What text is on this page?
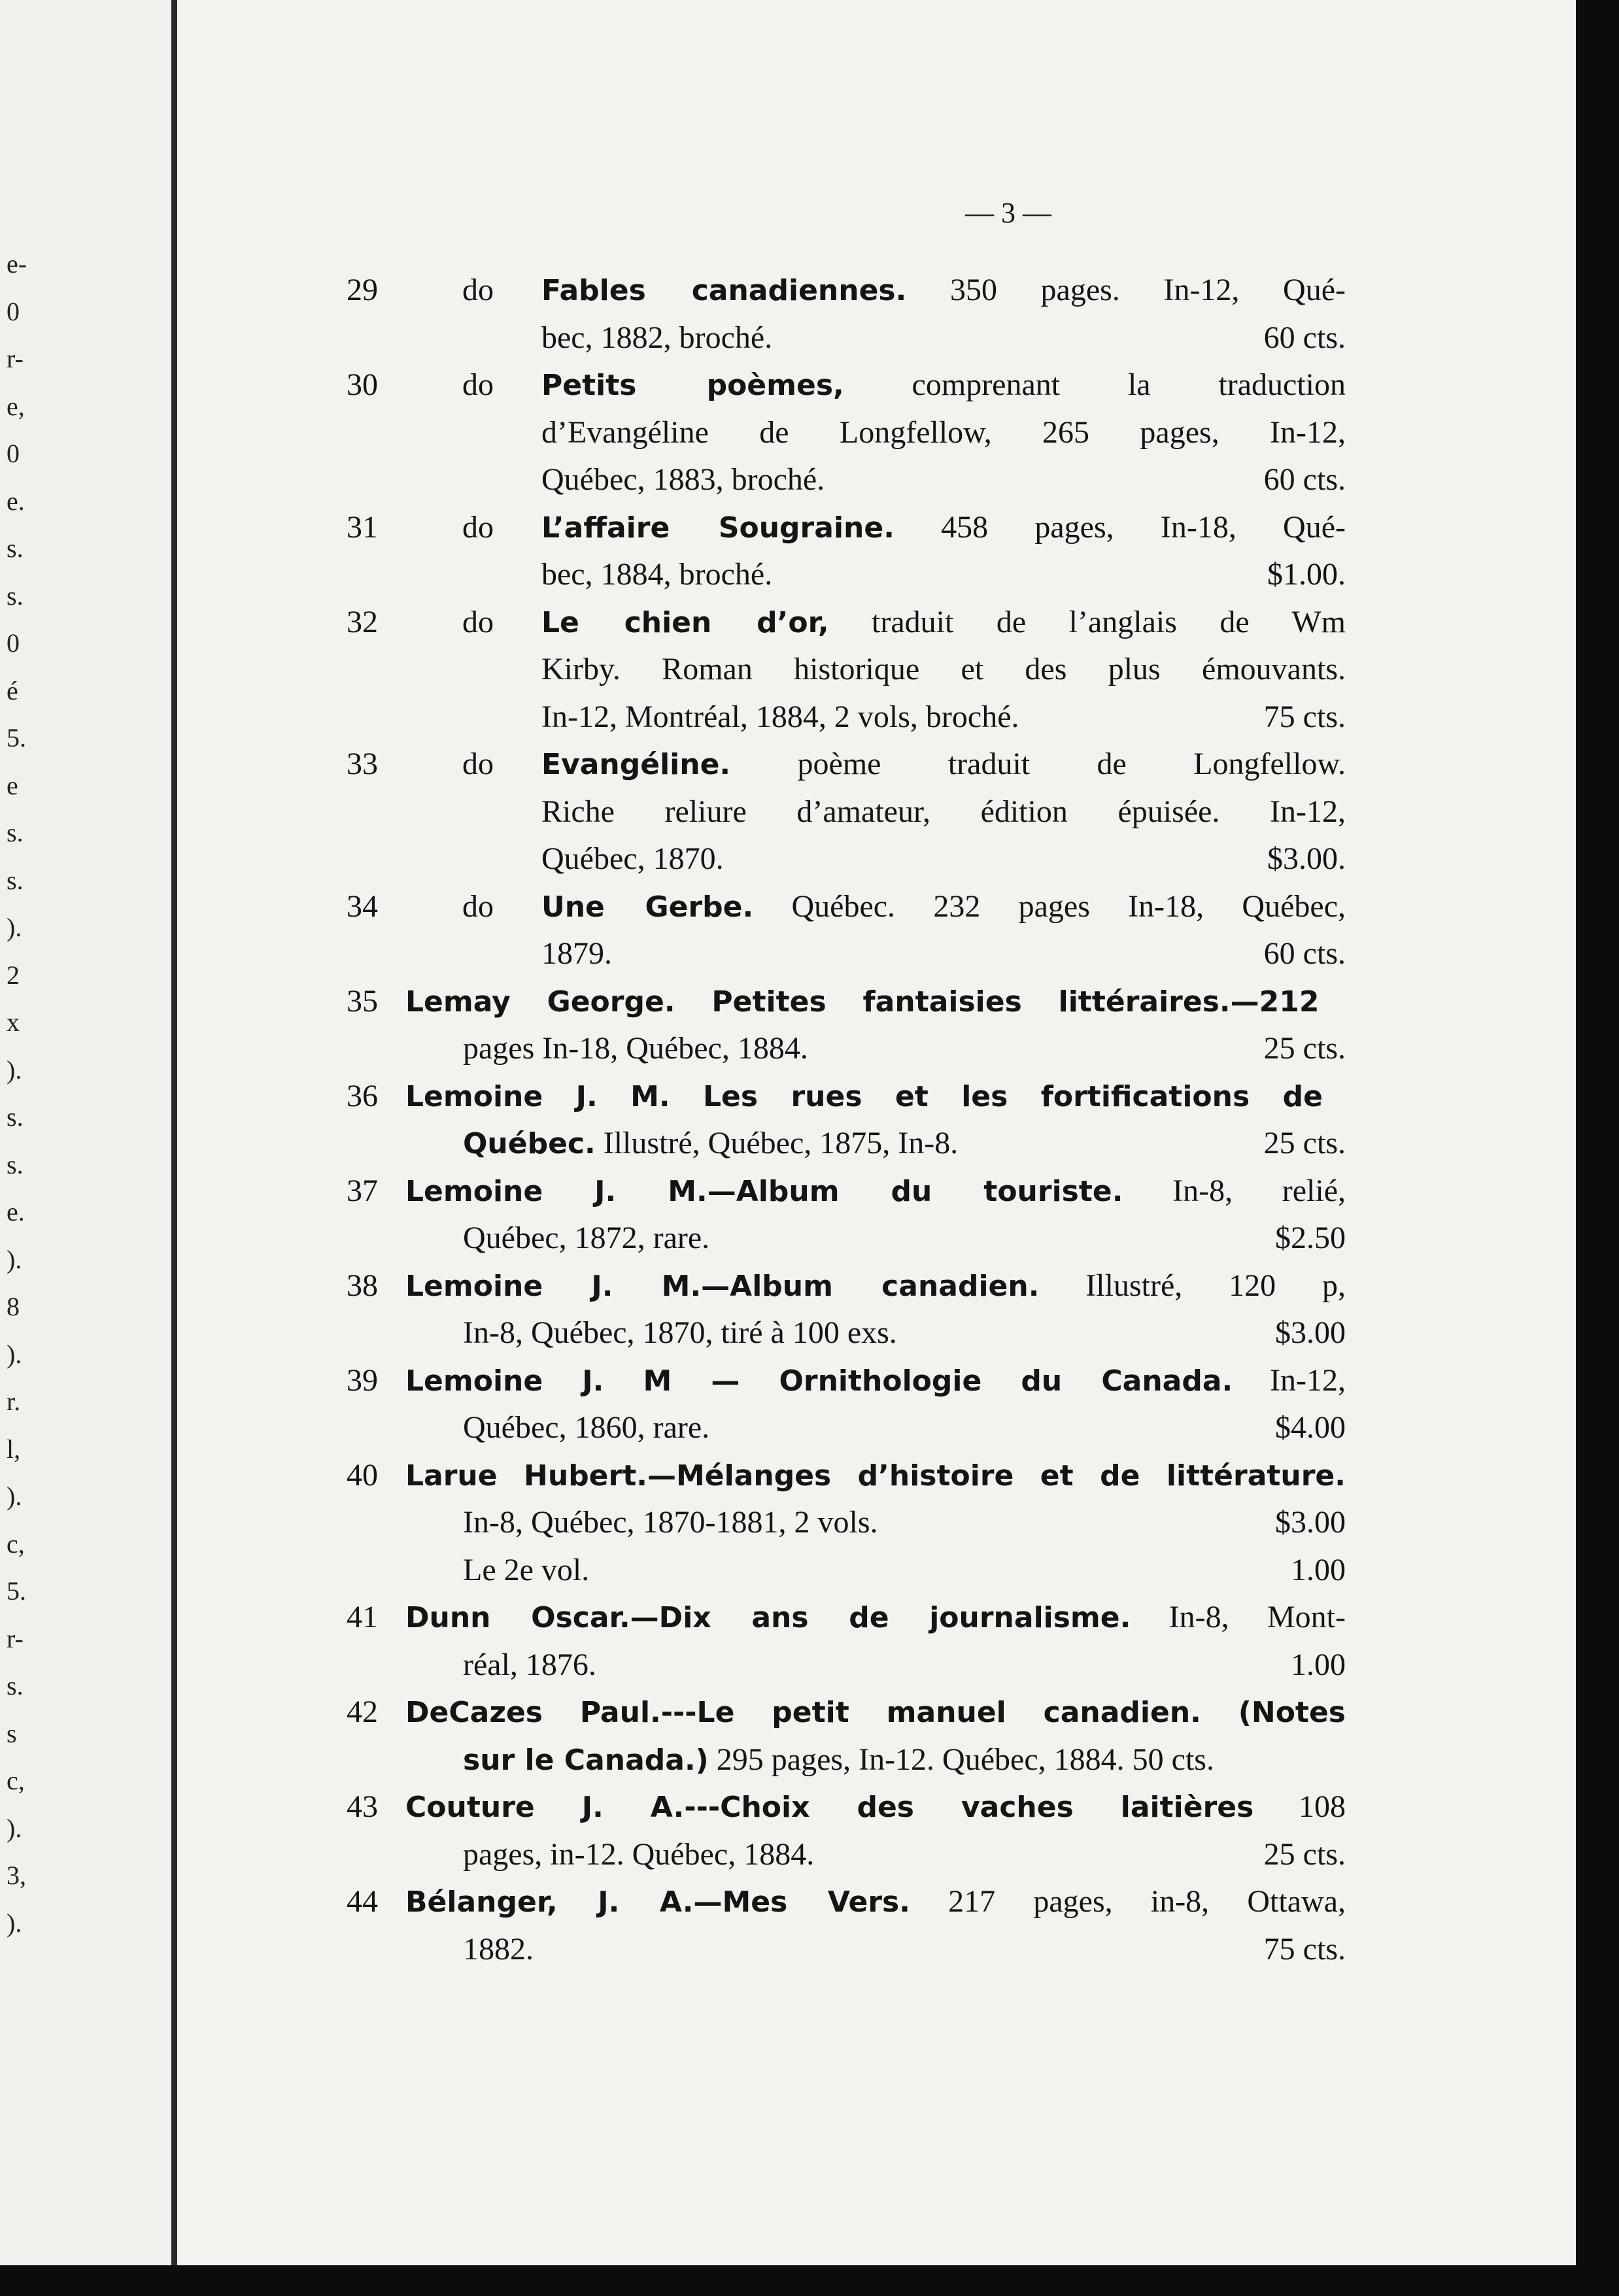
e-
0
r-
e,
0
e.
s.
s.
0
é
5.
e
s.
s.
).
2
x
).
s.
s.
e.
).
8
).
r.
l,
).
c,
5.
r-
s.
s
c,
).
3,
).
— 3 —
29	do Fables canadiennes. 350 pages. In-12, Qué-
bec, 1882, broché.	60 cts.
30	do Petits poèmes, comprenant la traduction
d’Evangéline de Longfellow, 265 pages, In-12,
Québec, 1883, broché.	60 cts.
31	do L’affaire Sougraine. 458 pages, In-18, Qué-
bec, 1884, broché.	$1.00.
32	do Le chien d’or, traduit de l’anglais de Wm
Kirby. Roman historique et des plus émouvants.
In-12, Montréal, 1884, 2 vols, broché.	75 cts.
33	do Evangéline. poème traduit de Longfellow.
Riche reliure d’amateur, édition épuisée. In-12,
Québec, 1870.	$3.00.
34	do Une Gerbe. Québec. 232 pages In-18, Québec,
1879.	60 cts.
35 Lemay George. Petites fantaisies littéraires.—212
pages In-18, Québec, 1884.	25 cts.
36 Lemoine J. M. Les rues et les fortifications de
Québec. Illustré, Québec, 1875, In-8.	25 cts.
37 Lemoine J. M.—Album du touriste. In-8, relié,
Québec, 1872, rare.	$2.50
38 Lemoine J. M.—Album canadien. Illustré, 120 p,
In-8, Québec, 1870, tiré à 100 exs.	$3.00
39 Lemoine J. M — Ornithologie du Canada. In-12,
Québec, 1860, rare.	$4.00
40 Larue Hubert.—Mélanges d’histoire et de littérature.
In-8, Québec, 1870-1881, 2 vols.	$3.00
Le 2e vol.	1.00
41 Dunn Oscar.—Dix ans de journalisme. In-8, Mont-
réal, 1876.	1.00
42 DeCazes Paul.---Le petit manuel canadien. (Notes
sur le Canada.) 295 pages, In-12. Québec, 1884. 50 cts.
43 Couture J. A.---Choix des vaches laitières 108
pages, in-12. Québec, 1884.	25 cts.
44 Bélanger, J. A.—Mes Vers. 217 pages, in-8, Ottawa,
1882.	75 cts.
